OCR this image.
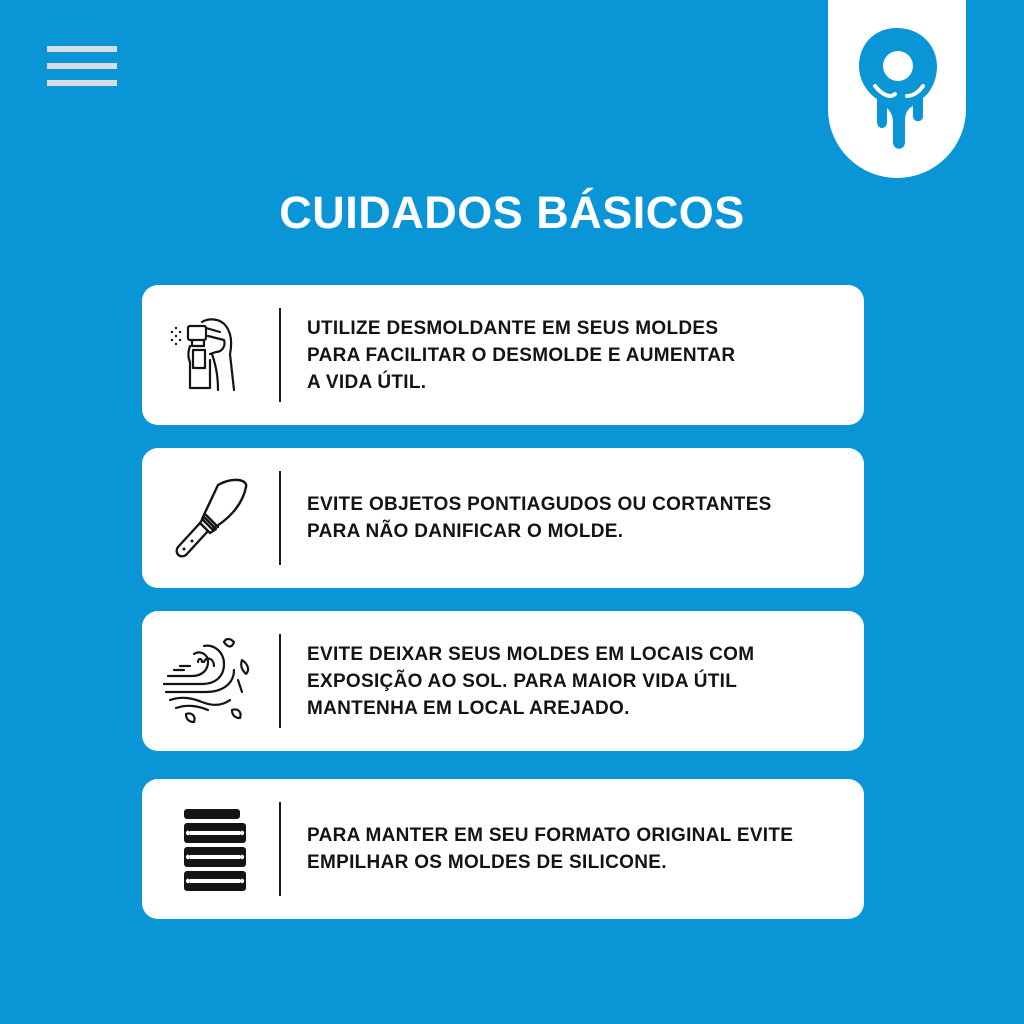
CUIDADOS BÁSICOS
UTILIZE DESMOLDANTE EM SEUS MOLDES
PARA FACILITAR O DESMOLDE E AUMENTAR
A VIDA ÚTIL.
EVITE OBJETOS PONTIAGUDOS OU CORTANTES
PARA NÃO DANIFICAR O MOLDE.
EVITE DEIXAR SEUS MOLDES EM LOCAIS COM
EXPOSIÇÃO AO SOL. PARA MAIOR VIDA ÚTIL
MANTENHA EM LOCAL AREJADO.
PARA MANTER EM SEU FORMATO ORIGINAL EVITE
EMPILHAR OS MOLDES DE SILICONE.
